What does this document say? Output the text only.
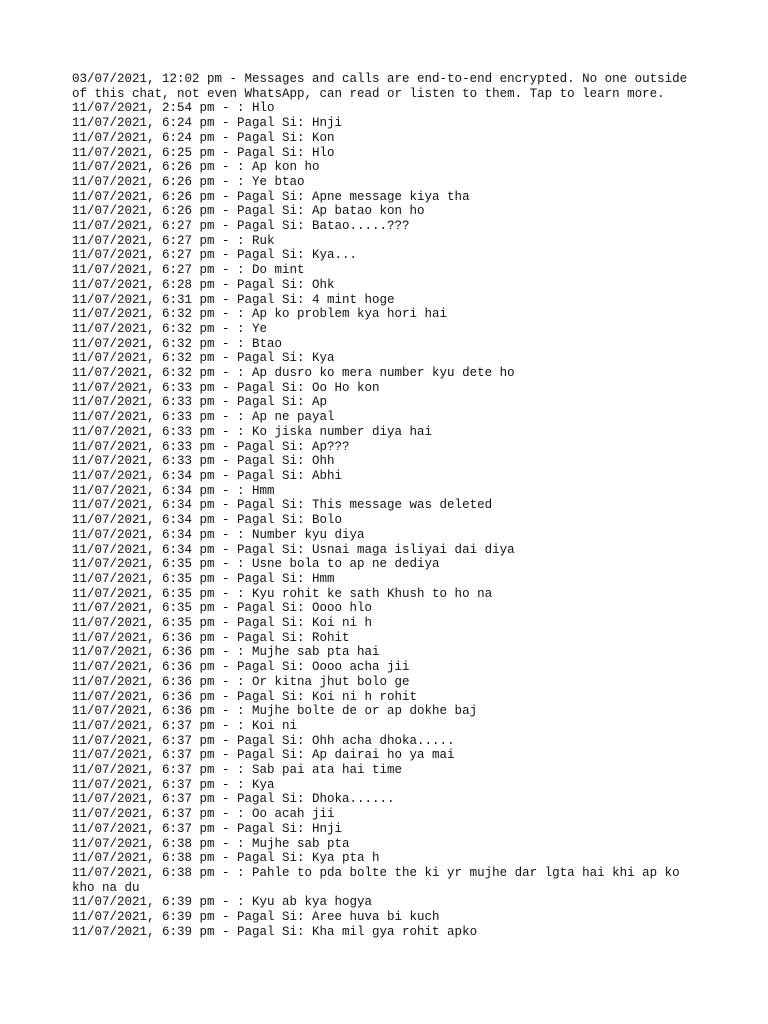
03/07/2021, 12:02 pm - Messages and calls are end-to-end encrypted. No one outside of this chat, not even WhatsApp, can read or listen to them. Tap to learn more.
11/07/2021, 2:54 pm - : Hlo
11/07/2021, 6:24 pm - Pagal Si: Hnji
11/07/2021, 6:24 pm - Pagal Si: Kon
11/07/2021, 6:25 pm - Pagal Si: Hlo
11/07/2021, 6:26 pm - : Ap kon ho
11/07/2021, 6:26 pm - : Ye btao
11/07/2021, 6:26 pm - Pagal Si: Apne message kiya tha
11/07/2021, 6:26 pm - Pagal Si: Ap batao kon ho
11/07/2021, 6:27 pm - Pagal Si: Batao.....???
11/07/2021, 6:27 pm - : Ruk
11/07/2021, 6:27 pm - Pagal Si: Kya...
11/07/2021, 6:27 pm - : Do mint
11/07/2021, 6:28 pm - Pagal Si: Ohk
11/07/2021, 6:31 pm - Pagal Si: 4 mint hoge
11/07/2021, 6:32 pm - : Ap ko problem kya hori hai
11/07/2021, 6:32 pm - : Ye
11/07/2021, 6:32 pm - : Btao
11/07/2021, 6:32 pm - Pagal Si: Kya
11/07/2021, 6:32 pm - : Ap dusro ko mera number kyu dete ho
11/07/2021, 6:33 pm - Pagal Si: Oo Ho kon
11/07/2021, 6:33 pm - Pagal Si: Ap
11/07/2021, 6:33 pm - : Ap ne payal
11/07/2021, 6:33 pm - : Ko jiska number diya hai
11/07/2021, 6:33 pm - Pagal Si: Ap???
11/07/2021, 6:33 pm - Pagal Si: Ohh
11/07/2021, 6:34 pm - Pagal Si: Abhi
11/07/2021, 6:34 pm - : Hmm
11/07/2021, 6:34 pm - Pagal Si: This message was deleted
11/07/2021, 6:34 pm - Pagal Si: Bolo
11/07/2021, 6:34 pm - : Number kyu diya
11/07/2021, 6:34 pm - Pagal Si: Usnai maga isliyai dai diya
11/07/2021, 6:35 pm - : Usne bola to ap ne dediya
11/07/2021, 6:35 pm - Pagal Si: Hmm
11/07/2021, 6:35 pm - : Kyu rohit ke sath Khush to ho na
11/07/2021, 6:35 pm - Pagal Si: Oooo hlo
11/07/2021, 6:35 pm - Pagal Si: Koi ni h
11/07/2021, 6:36 pm - Pagal Si: Rohit
11/07/2021, 6:36 pm - : Mujhe sab pta hai
11/07/2021, 6:36 pm - Pagal Si: Oooo acha jii
11/07/2021, 6:36 pm - : Or kitna jhut bolo ge
11/07/2021, 6:36 pm - Pagal Si: Koi ni h rohit
11/07/2021, 6:36 pm - : Mujhe bolte de or ap dokhe baj
11/07/2021, 6:37 pm - : Koi ni
11/07/2021, 6:37 pm - Pagal Si: Ohh acha dhoka.....
11/07/2021, 6:37 pm - Pagal Si: Ap dairai ho ya mai
11/07/2021, 6:37 pm - : Sab pai ata hai time
11/07/2021, 6:37 pm - : Kya
11/07/2021, 6:37 pm - Pagal Si: Dhoka......
11/07/2021, 6:37 pm - : Oo acah jii
11/07/2021, 6:37 pm - Pagal Si: Hnji
11/07/2021, 6:38 pm - : Mujhe sab pta
11/07/2021, 6:38 pm - Pagal Si: Kya pta h
11/07/2021, 6:38 pm - : Pahle to pda bolte the ki yr mujhe dar lgta hai khi ap ko kho na du
11/07/2021, 6:39 pm - : Kyu ab kya hogya
11/07/2021, 6:39 pm - Pagal Si: Aree huva bi kuch
11/07/2021, 6:39 pm - Pagal Si: Kha mil gya rohit apko
